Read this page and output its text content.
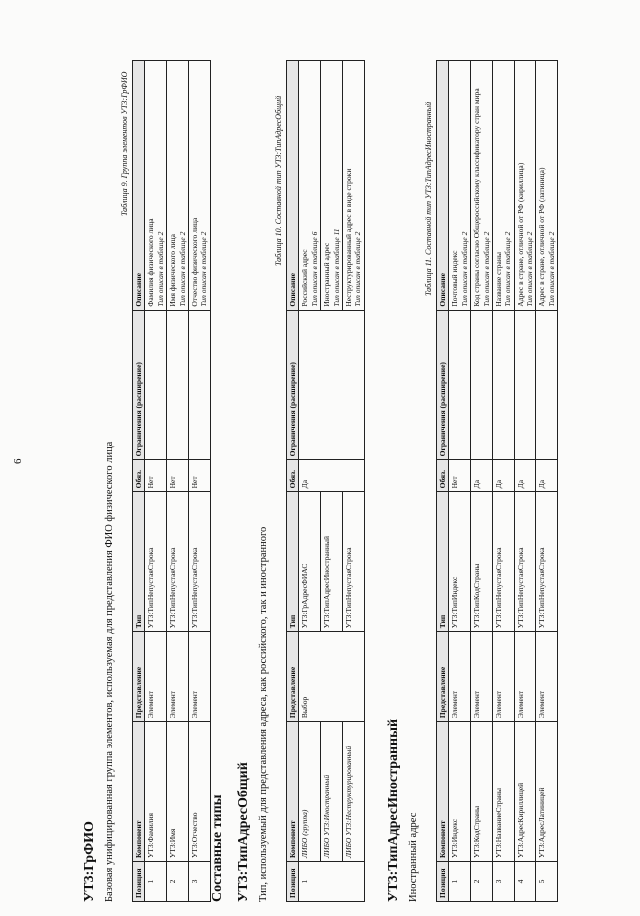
6
УТ3:ГрФИО Базовая унифицированная группа элементов, используемая для представления ФИО физического лица
Таблица 9. Группа элементов УТ3:ГрФИО
Позиция	Компонент	Представление	Тип	Обяз.	Ограничения (расширение)	Описание
1	УТ3:Фамилия	Элемент	УТ3:ТипНепустаяСтрока	Нет		Фамилия физического лица Тип описан в таблице 2

2	УТ3:Имя	Элемент	УТ3:ТипНепустаяСтрока	Нет		Имя физического лица Тип описан в таблице 2

3	УТ3:Отчество	Элемент	УТ3:ТипНепустаяСтрока	Нет		Отчество физического лица Тип описан в таблице 2
Составные типы УТ3:ТипАдресОбщий Тип, используемый для представления адреса, как российского, так и иностранного
Таблица 10. Составной тип УТ3:ТипАдресОбщий
Позиция	Компонент	Представление	Тип	Обяз.	Ограничения (расширение)	Описание
1	ЛИБО (группа)	Выбор	УТ3:ГрАдресФИАС	Да		Российский адрес Тип описан в таблице 6

	ЛИБО УТ3:Иностранный		УТ3:ТипАдресИностранный			Иностранный адрес Тип описан в таблице 11

	ЛИБО УТ3:Неструктурированный		УТ3:ТипНепустаяСтрока			Неструктурированный адрес в виде строки Тип описан в таблице 2
УТ3:ТипАдресИностранный Иностранный адрес
Таблица 11. Составной тип УТ3:ТипАдресИностранный
Позиция	Компонент	Представление	Тип	Обяз.	Ограничения (расширение)	Описание
1	УТ3:Индекс	Элемент	УТ3:ТипИндекс	Нет		Почтовый индекс Тип описан в таблице 2

2	УТ3:КодСтраны	Элемент	УТ3:ТипКодСтраны	Да		Код страны согласно Общероссийскому классификатору стран мира Тип описан в таблице 2

3	УТ3:НазваниеСтраны	Элемент	УТ3:ТипНепустаяСтрока	Да		Название страны Тип описан в таблице 2

4	УТ3:АдресКириллицей	Элемент	УТ3:ТипНепустаяСтрока	Да		Адрес в стране, отличной от РФ (кириллица) Тип описан в таблице 2

5	УТ3:АдресЛатиницей	Элемент	УТ3:ТипНепустаяСтрока	Да		Адрес в стране, отличной от РФ (латиница) Тип описан в таблице 2
